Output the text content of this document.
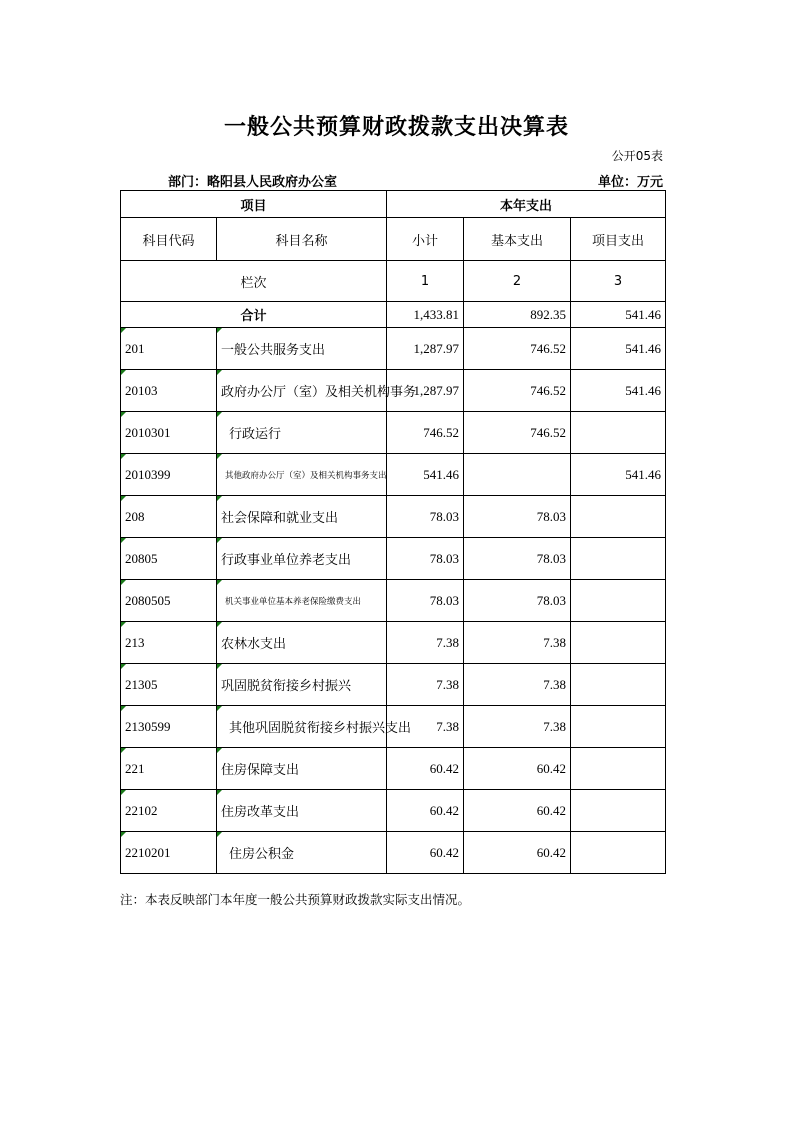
一般公共预算财政拨款支出决算表
公开05表
部门：略阳县人民政府办公室	单位：万元
项目		本年支出		
科目代码	科目名称	小计	基本支出	项目支出
栏次		1	2	3
合计		1,433.81	892.35	541.46

201	一般公共服务支出	1,287.97	746.52	541.46

20103	政府办公厅（室）及相关机构事务	1,287.97	746.52	541.46

2010301	行政运行	746.52	746.52	

2010399	其他政府办公厅（室）及相关机构事务支出	541.46		541.46

208	社会保障和就业支出	78.03	78.03	

20805	行政事业单位养老支出	78.03	78.03	

2080505	机关事业单位基本养老保险缴费支出	78.03	78.03	

213	农林水支出	7.38	7.38	

21305	巩固脱贫衔接乡村振兴	7.38	7.38	

2130599	其他巩固脱贫衔接乡村振兴支出	7.38	7.38	

221	住房保障支出	60.42	60.42	

22102	住房改革支出	60.42	60.42	

2210201	住房公积金	60.42	60.42	
注：本表反映部门本年度一般公共预算财政拨款实际支出情况。
